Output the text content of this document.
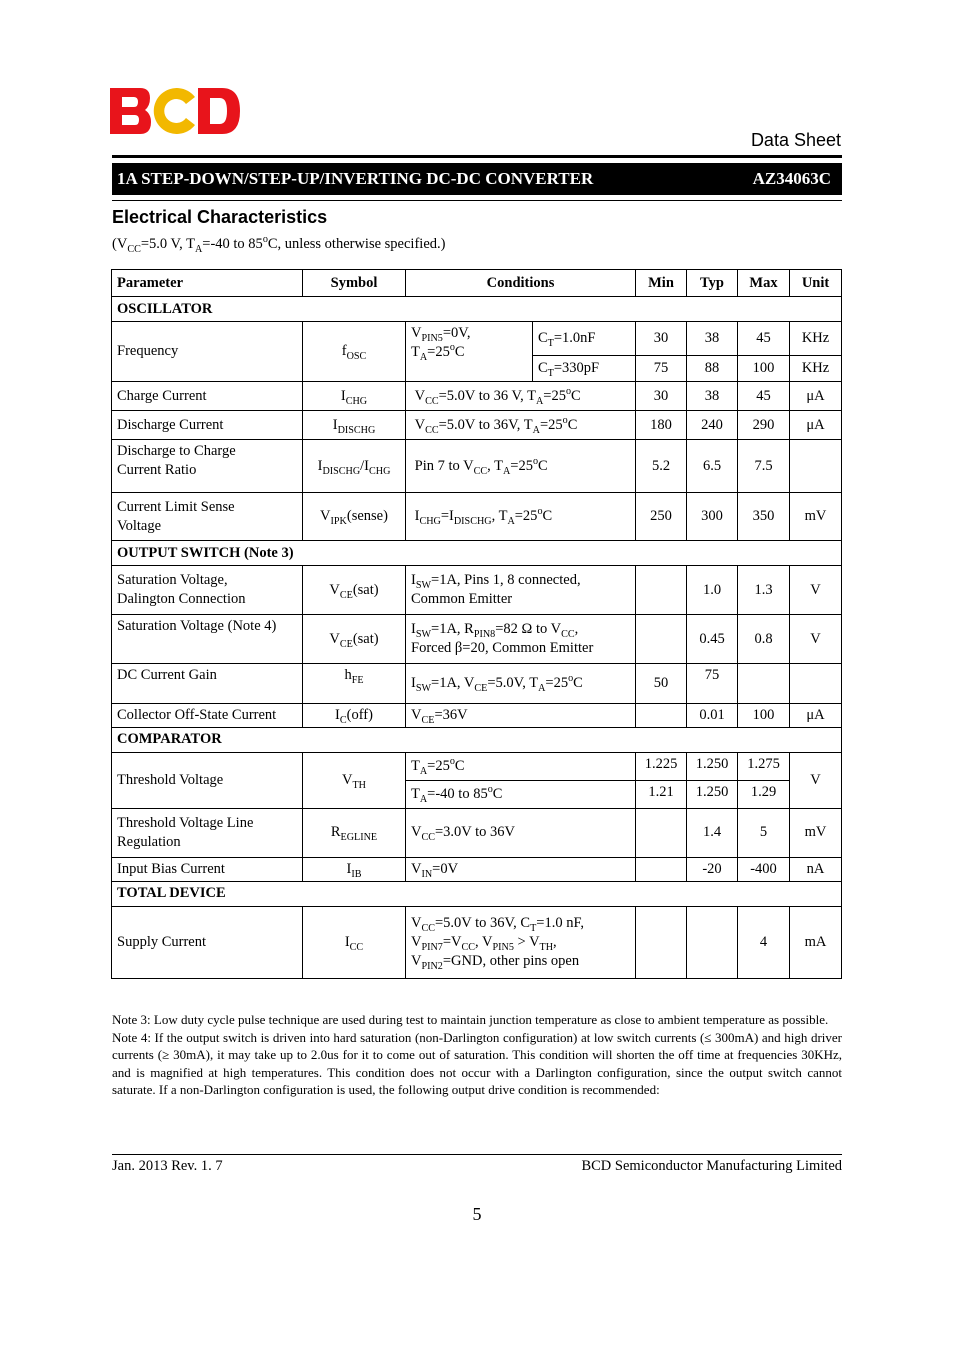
Data Sheet
1A STEP-DOWN/STEP-UP/INVERTING DC-DC CONVERTER	AZ34063C
Electrical Characteristics
($V_{CC}=5.0$ V, $T_A=-40$ to 85$^o$C, unless otherwise specified.)
Parameter	Symbol	Conditions		Min	Typ	Max	Unit
OSCILLATOR							
Frequency	$f_{OSC}$	$V_{PIN5}=0V$,
$T_A=25^oC$	$C_T=1.0nF$	30	38	45	KHz
			$C_T=330pF$	75	88	100	KHz
Charge Current	$I_{CHG}$	$V_{CC}=5.0V$ to 36 V, $T_A=25^oC$		30	38	45	μA
Discharge Current	$I_{DISCHG}$	$V_{CC}=5.0V$ to 36V, $T_A=25^oC$		180	240	290	μA
Discharge to Charge
Current Ratio	$I_{DISCHG}/I_{CHG}$	Pin 7 to $V_{CC}$, $T_A=25^oC$		5.2	6.5	7.5	
Current Limit Sense
Voltage	$V_{IPK}(sense)$	$I_{CHG}=I_{DISCHG}$, $T_A=25^oC$		250	300	350	mV
OUTPUT SWITCH (Note 3)							
Saturation Voltage,
Dalington Connection	$V_{CE}(sat)$	$I_{SW}=1A$, Pins 1, 8 connected,
Common Emitter			1.0	1.3	V
Saturation Voltage (Note 4)	$V_{CE}(sat)$	$I_{SW}=1A$, $R_{PIN8}=82$ Ω to $V_{CC}$,
Forced β=20, Common Emitter			0.45	0.8	V
DC Current Gain	$h_{FE}$	$I_{SW}=1A$, $V_{CE}=5.0V$, $T_A=25^oC$		50	75		
Collector Off-State Current	$I_C(off)$	$V_{CE}=36V$			0.01	100	μA
COMPARATOR							
Threshold Voltage	$V_{TH}$	$T_A=25^oC$		1.225	1.250	1.275	V
		$T_A=-40$ to 85$^o$C		1.21	1.250	1.29	
Threshold Voltage Line
Regulation	$R_{EGLINE}$	$V_{CC}=3.0V$ to 36V			1.4	5	mV
Input Bias Current	$I_{IB}$	$V_{IN}=0V$			-20	-400	nA
TOTAL DEVICE							
Supply Current	$I_{CC}$	$V_{CC}=5.0V$ to 36V, $C_T=1.0$ nF,
$V_{PIN7}=V_{CC}$, $V_{PIN5} > V_{TH}$,
$V_{PIN2}=GND$, other pins open				4	mA

Note 3: Low duty cycle pulse technique are used during test to maintain junction temperature as close to ambient temperature as possible.

Note 4: If the output switch is driven into hard saturation (non-Darlington configuration) at low switch currents (≤ 300mA) and high driver currents (≥ 30mA), it may take up to 2.0us for it to come out of saturation. This condition will shorten the off time at frequencies 30KHz, and is magnified at high temperatures. This condition does not occur with a Darlington configuration, since the output switch cannot saturate. If a non-Darlington configuration is used, the following output drive condition is recommended:

Jan. 2013 Rev. 1. 7	BCD Semiconductor Manufacturing Limited
5
